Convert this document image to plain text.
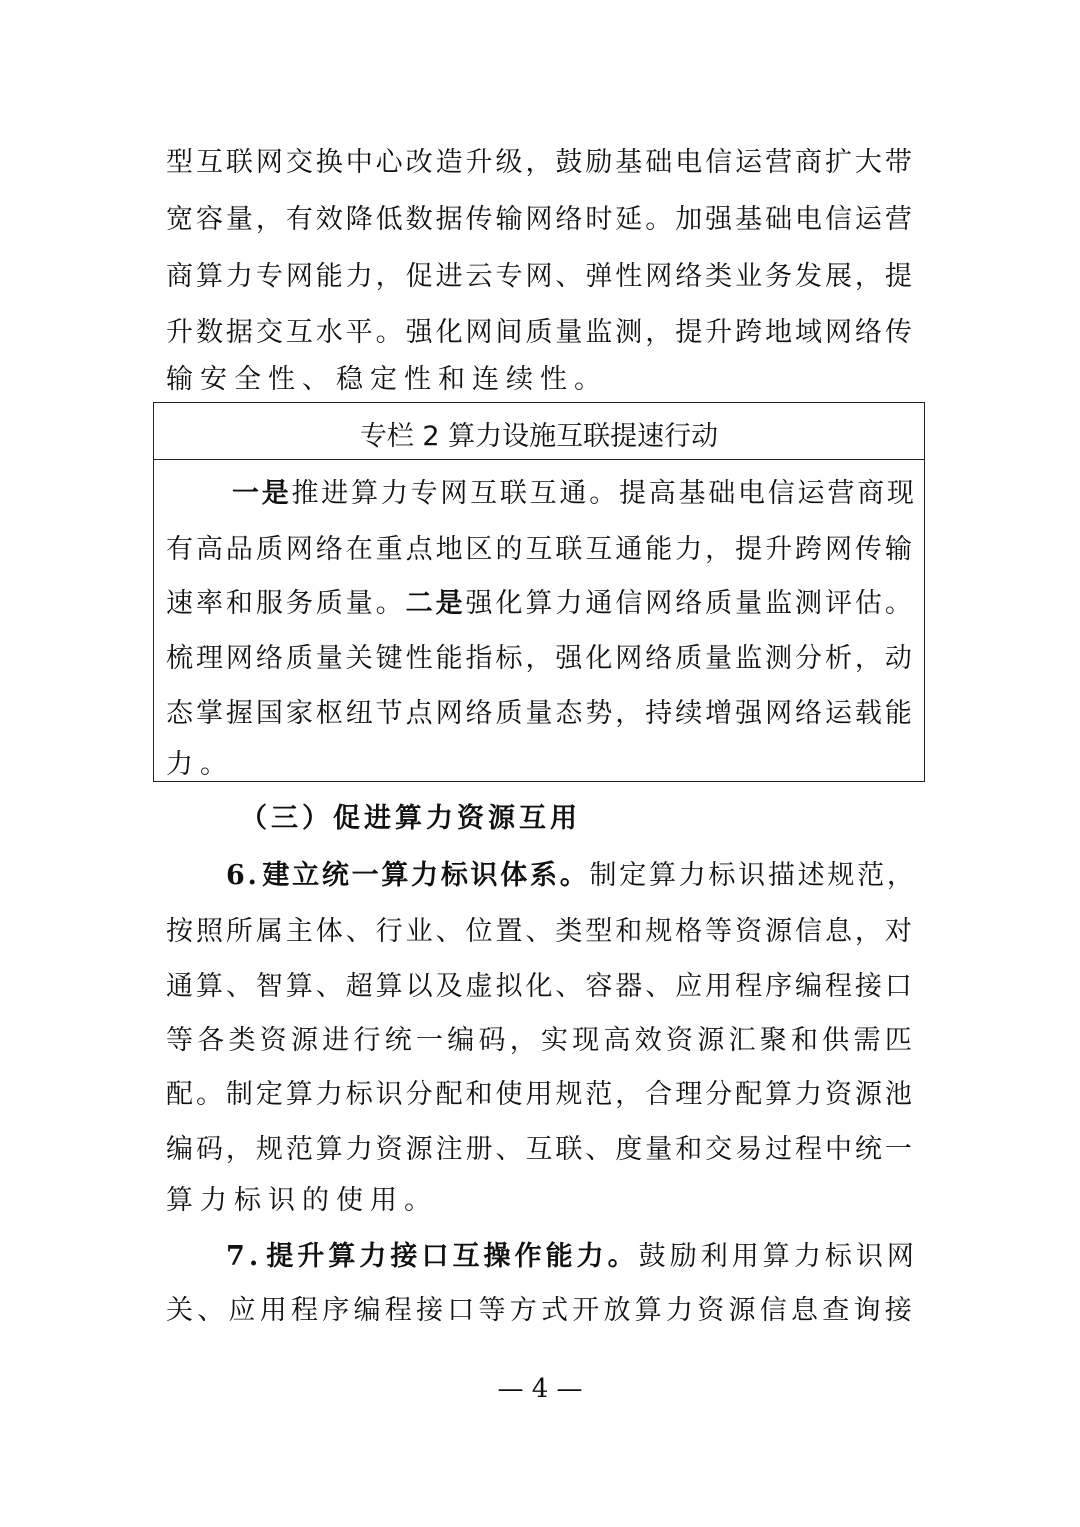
型 互 联 网 交 换 中 心 改 造 升 级 ， 鼓 励 基 础 电 信 运 营 商 扩 大 带

宽 容 量 ， 有 效 降 低 数 据 传 输 网 络 时 延 。 加 强 基 础 电 信 运 营

商 算 力 专 网 能 力 ， 促 进 云 专 网 、 弹 性 网 络 类 业 务 发 展 ， 提

升 数 据 交 互 水 平 。 强 化 网 间 质 量 监 测 ， 提 升 跨 地 域 网 络 传

输安全性、稳定性和连续性。

专栏 2 算力设施互联提速行动

一 是 推 进 算 力 专 网 互 联 互 通 。 提 高 基 础 电 信 运 营 商 现

有 高 品 质 网 络 在 重 点 地 区 的 互 联 互 通 能 力 ， 提 升 跨 网 传 输

速 率 和 服 务 质 量 。 二 是 强 化 算 力 通 信 网 络 质 量 监 测 评 估 。

梳 理 网 络 质 量 关 键 性 能 指 标 ， 强 化 网 络 质 量 监 测 分 析 ， 动

态 掌 握 国 家 枢 纽 节 点 网 络 质 量 态 势 ， 持 续 增 强 网 络 运 载 能

力。

（三）促进算力资源互用

6 . 建 立 统 一 算 力 标 识 体 系 。 制 定 算 力 标 识 描 述 规 范 ，

按 照 所 属 主 体 、 行 业 、 位 置 、 类 型 和 规 格 等 资 源 信 息 ， 对

通 算 、 智 算 、 超 算 以 及 虚 拟 化 、 容 器 、 应 用 程 序 编 程 接 口

等 各 类 资 源 进 行 统 一 编 码 ， 实 现 高 效 资 源 汇 聚 和 供 需 匹

配 。 制 定 算 力 标 识 分 配 和 使 用 规 范 ， 合 理 分 配 算 力 资 源 池

编 码 ， 规 范 算 力 资 源 注 册 、 互 联 、 度 量 和 交 易 过 程 中 统 一

算力标识的使用。

7 . 提 升 算 力 接 口 互 操 作 能 力 。 鼓 励 利 用 算 力 标 识 网

关 、 应 用 程 序 编 程 接 口 等 方 式 开 放 算 力 资 源 信 息 查 询 接

— 4 —
